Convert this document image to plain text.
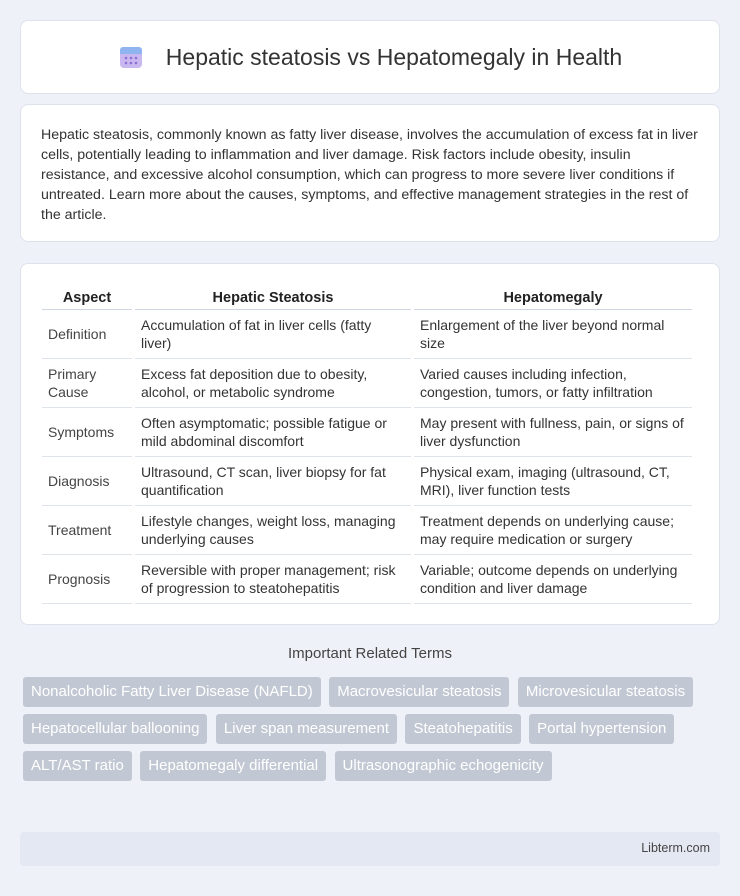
Hepatic steatosis vs Hepatomegaly in Health

Hepatic steatosis, commonly known as fatty liver disease, involves the accumulation of excess fat in liver cells, potentially leading to inflammation and liver damage. Risk factors include obesity, insulin resistance, and excessive alcohol consumption, which can progress to more severe liver conditions if untreated. Learn more about the causes, symptoms, and effective management strategies in the rest of the article.

Aspect	Hepatic Steatosis	Hepatomegaly
Definition	Accumulation of fat in liver cells (fatty liver)	Enlargement of the liver beyond normal size
Primary Cause	Excess fat deposition due to obesity, alcohol, or metabolic syndrome	Varied causes including infection, congestion, tumors, or fatty infiltration
Symptoms	Often asymptomatic; possible fatigue or mild abdominal discomfort	May present with fullness, pain, or signs of liver dysfunction
Diagnosis	Ultrasound, CT scan, liver biopsy for fat quantification	Physical exam, imaging (ultrasound, CT, MRI), liver function tests
Treatment	Lifestyle changes, weight loss, managing underlying causes	Treatment depends on underlying cause; may require medication or surgery
Prognosis	Reversible with proper management; risk of progression to steatohepatitis	Variable; outcome depends on underlying condition and liver damage
Important Related Terms
Nonalcoholic Fatty Liver Disease (NAFLD) Macrovesicular steatosis Microvesicular steatosis Hepatocellular ballooning Liver span measurement Steatohepatitis Portal hypertension ALT/AST ratio Hepatomegaly differential Ultrasonographic echogenicity
Libterm.com
